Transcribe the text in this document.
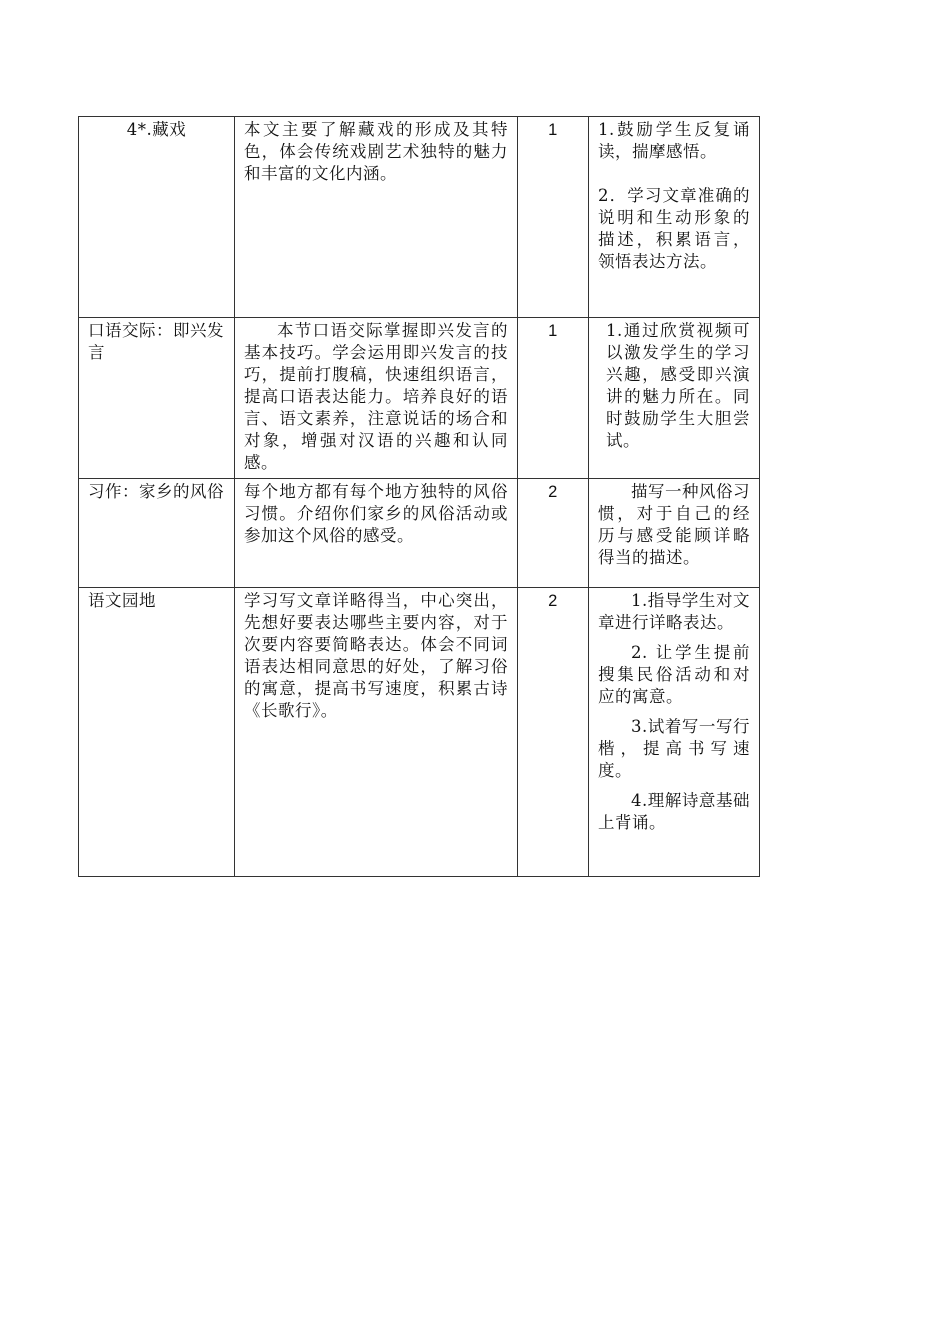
4*.藏戏	本文主要了解藏戏的形成及其特色，体会传统戏剧艺术独特的魅力和丰富的文化内涵。	1	1.鼓励学生反复诵读，揣摩感悟。

2．学习文章准确的说明和生动形象的描述，积累语言，领悟表达方法。

口语交际：即兴发言	本节口语交际掌握即兴发言的基本技巧。学会运用即兴发言的技巧，提前打腹稿，快速组织语言，提高口语表达能力。培养良好的语言、语文素养，注意说话的场合和对象，增强对汉语的兴趣和认同感。	1	1.通过欣赏视频可以激发学生的学习兴趣，感受即兴演讲的魅力所在。同时鼓励学生大胆尝试。

习作：家乡的风俗	每个地方都有每个地方独特的风俗习惯。介绍你们家乡的风俗活动或参加这个风俗的感受。	2	描写一种风俗习惯，对于自己的经历与感受能顾详略得当的描述。

语文园地	学习写文章详略得当，中心突出，先想好要表达哪些主要内容，对于次要内容要简略表达。体会不同词语表达相同意思的好处，了解习俗的寓意，提高书写速度，积累古诗《长歌行》。	2	1.指导学生对文章进行详略表达。

2. 让学生提前搜集民俗活动和对应的寓意。

3.试着写一写行楷，提高书写速度。

4.理解诗意基础上背诵。
